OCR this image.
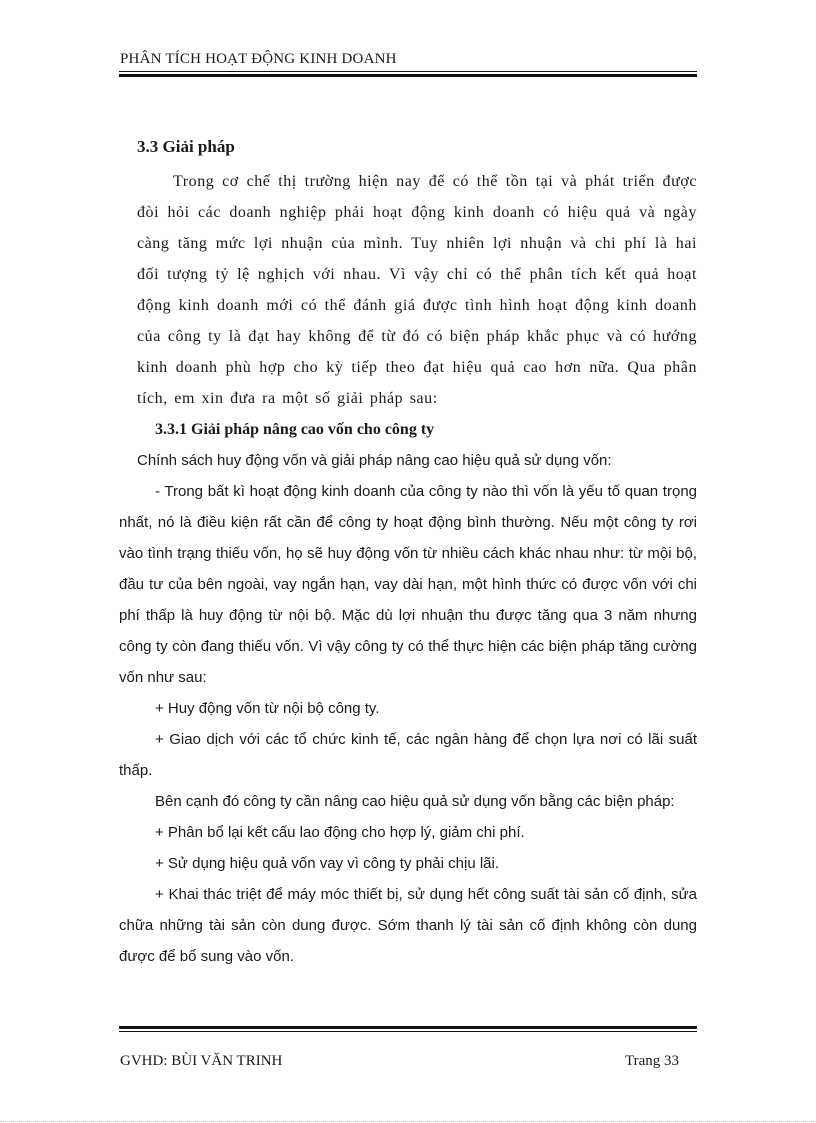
PHÂN TÍCH HOẠT ĐỘNG KINH DOANH
3.3 Giải pháp

Trong cơ chế thị trường hiện nay để có thể tồn tại và phát triển được đòi hỏi các doanh nghiệp phải hoạt động kinh doanh có hiệu quả và ngày càng tăng mức lợi nhuận của mình. Tuy nhiên lợi nhuận và chi phí là hai đối tượng tỷ lệ nghịch với nhau. Vì vậy chỉ có thể phân tích kết quả hoạt động kinh doanh mới có thể đánh giá được tình hình hoạt động kinh doanh của công ty là đạt hay không để từ đó có biện pháp khắc phục và có hướng kinh doanh phù hợp cho kỳ tiếp theo đạt hiệu quả cao hơn nữa. Qua phân tích, em xin đưa ra một số giải pháp sau:

3.3.1 Giải pháp nâng cao vốn cho công ty

Chính sách huy động vốn và giải pháp nâng cao hiệu quả sử dụng vốn:

- Trong bất kì hoạt động kinh doanh của công ty nào thì vốn là yếu tố quan trọng nhất, nó là điều kiện rất cần để công ty hoạt động bình thường. Nếu một công ty rơi vào tình trạng thiếu vốn, họ sẽ huy động vốn từ nhiều cách khác nhau như: từ mội bộ, đầu tư của bên ngoài, vay ngắn hạn, vay dài hạn, một hình thức có được vốn với chi phí thấp là huy động từ nội bộ. Mặc dù lợi nhuận thu được tăng qua 3 năm nhưng công ty còn đang thiếu vốn. Vì vậy công ty có thể thực hiện các biện pháp tăng cường vốn như sau:

+ Huy động vốn từ nội bộ công ty.

+ Giao dịch với các tổ chức kinh tế, các ngân hàng để chọn lựa nơi có lãi suất thấp.

Bên cạnh đó công ty cần nâng cao hiệu quả sử dụng vốn bằng các biện pháp:

+ Phân bổ lại kết cấu lao động cho hợp lý, giảm chi phí.

+ Sử dụng hiệu quả vốn vay vì công ty phải chịu lãi.

+ Khai thác triệt để máy móc thiết bị, sử dụng hết công suất tài sản cố định, sửa chữa những tài sản còn dung được. Sớm thanh lý tài sản cố định không còn dung được để bổ sung vào vốn.

GVHD: BÙI VĂN TRINH	Trang 33
